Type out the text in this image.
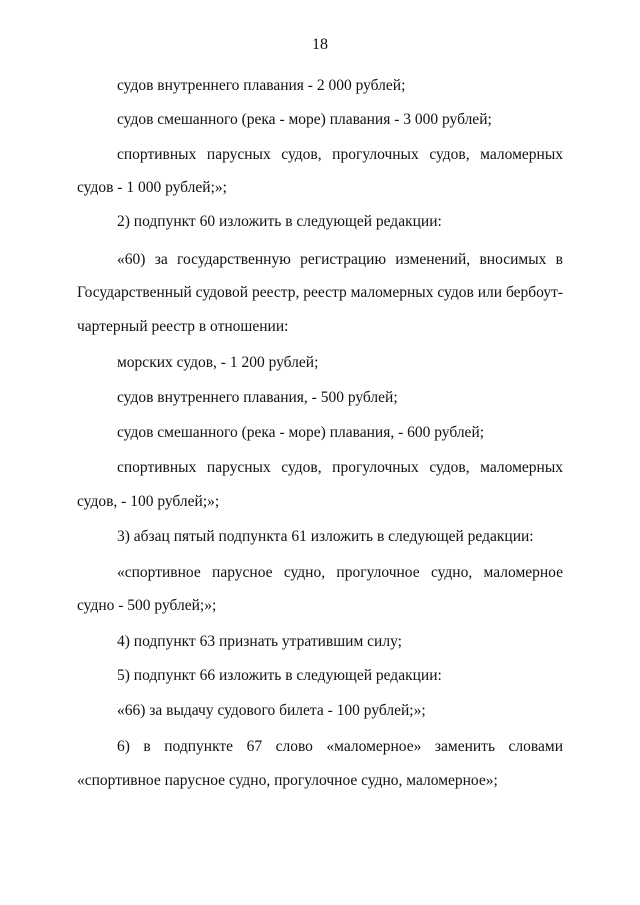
18
судов внутреннего плавания - 2 000 рублей;
судов смешанного (река - море) плавания - 3 000 рублей;
спортивных парусных судов, прогулочных судов, маломерных
судов - 1 000 рублей;»;
2) подпункт 60 изложить в следующей редакции:
«60) за государственную регистрацию изменений, вносимых в
Государственный судовой реестр, реестр маломерных судов или бербоут-
чартерный реестр в отношении:
морских судов, - 1 200 рублей;
судов внутреннего плавания, - 500 рублей;
судов смешанного (река - море) плавания, - 600 рублей;
спортивных парусных судов, прогулочных судов, маломерных
судов, - 100 рублей;»;
3) абзац пятый подпункта 61 изложить в следующей редакции:
«спортивное парусное судно, прогулочное судно, маломерное
судно - 500 рублей;»;
4) подпункт 63 признать утратившим силу;
5) подпункт 66 изложить в следующей редакции:
«66) за выдачу судового билета - 100 рублей;»;
6) в подпункте 67 слово «маломерное» заменить словами
«спортивное парусное судно, прогулочное судно, маломерное»;
